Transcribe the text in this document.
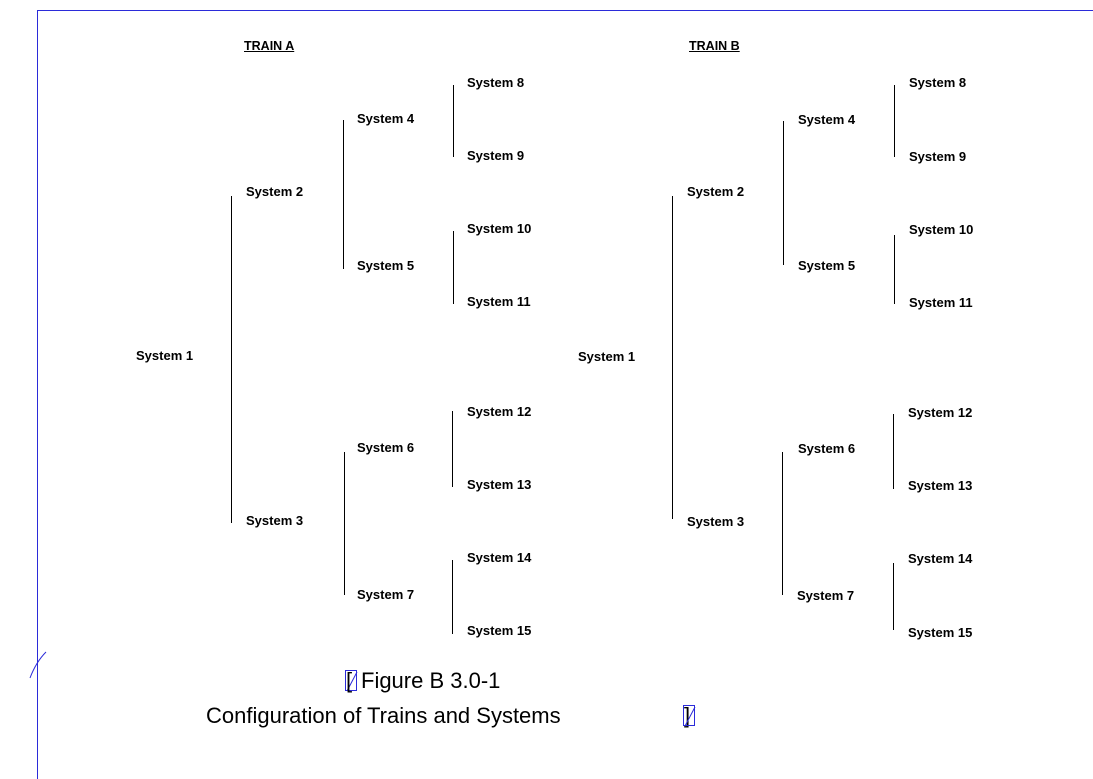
TRAIN A
System 1
System 2
System 3
System 4
System 5
System 6
System 7
System 8
System 9
System 10
System 11
System 12
System 13
System 14
System 15
TRAIN B
System 1
System 2
System 3
System 4
System 5
System 6
System 7
System 8
System 9
System 10
System 11
System 12
System 13
System 14
System 15
[ Figure B 3.0-1
Configuration of Trains and Systems	]
